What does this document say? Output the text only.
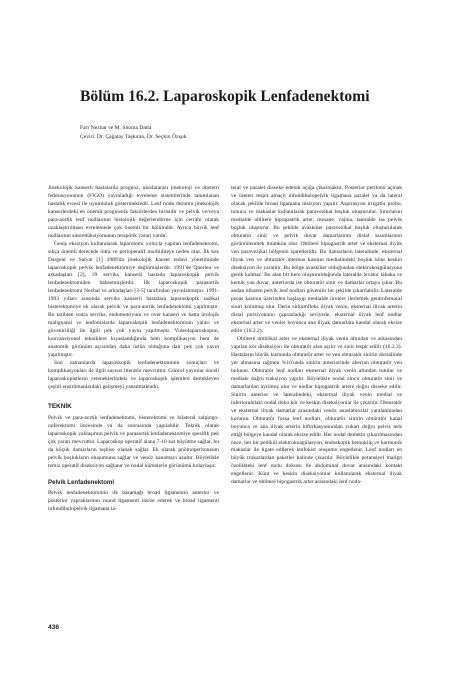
Bölüm 16.2. Laparoskopik Lenfadenektomi
Farr Nezhat ve M. Shoma Datta
Çeviri: Dr. Çağatay Taşkıran, Dr. Seçkin Özışık

Jinekolojik kanserli hastalarda prognoz, uluslararası jinekoloji ve obstetri federasyonunun (FIGO) yayınladığı evreleme sistemlerinde tanımlanan hastalık evresi ile uyumluluk göstermektedir. Lenf nodu durumu jinekolojik kanserlerdeki en önemli prognostik faktörlerden birisidir ve pelvik ve/veya para-aortik lenf nodlarının histolojik değerlendirme için cerrahi olarak uzaklaştırılması evrelemede çok önemli bir bölümdür. Ayrıca büyük lenf nodlarının sitoredüksiyonunun terapötik yararı vardır.

Geniş eksizyon kullanılarak laparotomi yoluyla yapılan lenfadenektomi, sıkça önemli derecede intra ve perioperatif morbiditeye neden olur. İlk kez Dargent ve Salvat [1] 1989'da jinekolojik kanser tedavi yönetiminde laparoskopik pelvik lenfadenektomiye değinmişlerdir. 1991'de Querleu ve arkadaşları [2], 39 serviks kanserli hastada laparoskopik pelvik lenfadenektomiden bahsetmişlerdir. İlk laparoskopik paraaortik lenfadenektomi Nezhat ve arkadaşları [3-5] tarafından yayınlanmıştır. 1991- 1993 yılları arasında serviks kanserli hastalara laparoskopik radikal histerektomiye ek olarak pelvik ve para-aortik lenfadenektomi yapılmıştır. Bu tarihten sonra serviks, endometriyum ve over kanseri ve hatta ürolojik malignansi ve lenfomalarda laparoskopik lenfadenektominin yararı ve güvenirliliği ile ilgili pek çok yayın yapılmıştır. Videolaparoskopun, konvansiyonel tekniklere kıyaslandığında hem komplikasyon hem de anatomik görünüm açısından daha üstün olduğuna dair pek çok yayın yapılmıştır.

Son zamanlarda laparoskopik lenfadenektominin sonuçları ve komplikasyonları ile ilgili sayısız literatür mevcuttur. Güncel yayınlar önceli laparoskopistlerin yeteneklerindeki ve laparoskopik işlemleri destekleyen çeşitli enstrümanlardaki gelişmeyi yansıtmaktadır.

TEKNİK

Pelvik ve para-aortik lenfadenektomi, histerektomi ve bilateral salpingo-ooferektomi öncesinde ya da sonrasında yapılabilir. Teknik olarak laparoskopik yaklaşımın pelvik ve paraaortik lenfadenektomiye spesifik pek çok yararı mevcuttur. Laparoskop operatif alana 7-10 kat büyütme sağlar, bu da küçük damarların teşhise olanak sağlar. Ek olarak pnömoperitoneum pelvik boşlukların oluşumunu sağlar ve venöz kanamayı azaltır. Böylelikle temiz operatif diseksiyon sağlanır ve nodal kümelerin görünümü kolaylaşır.

Pelvik Lenfadenektomi

Pelvik lenfadenektominin ilk basamağı broad ligamentin anterior ve posterior yapraklarının round ligamenti insize ederek ve broad ligamenti infundibulopelvik ligamana la-

teral ve paralel disseke ederek açığa çıkarmaktır. Posterior peritonu açmak ve üreteri tespit amaçlı infundibulopelvik ligamana paralel ya da lateral olacak şekilde broad ligamana insizyon yapılır. Aspirasyon irrigatör probu, tunucu ve makaslar kullanılarak paravezikal boşluk oluşturulur. Sınırlarını medialde obliteré hipogastrik arter, mesane, vajina, lateralde ise pelvik boşluk oluşturur. Bu şekilde avasküler paravezikal boşluk oluşturularak obturatör sinir ve pelvik duvar damarlarının distal kısımlarının görüntülenmek mümkün olur. Obliteré hipogastrik arter ve eksternal iliyak ven paravezikal bölgenin işaretleridir. Bu damarların lateralinde, eksternal iliyak ven ve obturatör internus kasının medialindeki boşluk künt keskin diseksiyon ile yaratılır. Bu bölge avasküler olduğundan elektrokoagülasyona gerek kalmaz. Bu alan bir kere oluşturulduğunda lateralde levator tabaka ve kemik yan duvar, anteriorda ise obturatör sinir ve damarlar ortaya çıkar. Bu andan itibaren pelvik lenf nodları güvenilir bir şekilde çıkarılabilir. Lateralde psoas kasının üzerinden başlayıp medialde ürotere ilerlemek genitofemoral siniri korumuş olur. Derin sirkumfleks iliyak venin, eksternal iliyak arterin distal porsiyonunu çaprazladığı seviyede, eksternal iliyak lenf nodlar eksternal arter ve venler boyunca ana iliyak damarlara kaudal olarak eksize edilir (16.2.2).

Obliteré umblikal arter ve eksternal iliyak venin altından ve arkasından yapılan kör diseksiyon ile obturatör alan açılır ve sinir tespit edilir (16.2.3). Hastaların büyük kısmında obturatör arter ve ven obturatör sinirin dorsalinde yer almasına rağmen %10'unda sinirin anteriorinde aberran obturatör ven bulunur. Obturatör lenf nodları eksternal iliyak venin altından tutulur ve mediale doğru traksiyon yapılır. Böylelikle nodal zincir obturatör sinir ve damarlardan ayrılmış olur ve nodlar hipogastrik artere doğru disseke edilir. Sinirin anterior ve lateralindeki, eksternal iliyak venin medial ve inferiorundaki nodal doku kör ve keskin diseksiyonlar ile çıkarılır. Obturatör ve eksternal iliyak damarlar arasındaki venöz anastamozlar yaralanmadan korunur. Obturatör fossa lenf nodları, obturatör sinirin obtüratör kanal boyunca ve ana iliyak arterin bifurkasyonundan yukarı doğru pelvis terk ettiği bölgeye kaudal olarak eksize edilir. Her nodal demetin çıkarılmasından önce, her bir pedikül elektrokoagülasyon, endoskopik hemoklip ve harmonik makaslar ile ligate edilerek lenfokist oluşumu engellenir. Lenf nodları en büyük trokarlardan paketler halinde çıkarılır. Böylelikle potansiyel malign özellikteki lenf nodu dokusu ile abdominal duvar arasındaki kontakt engellenir. Künt ve keskin diseksiyonlar kullanılarak eksternal iliyak damarlar ve obliteré hipogastrik arter arasındaki lenf noda-

436
